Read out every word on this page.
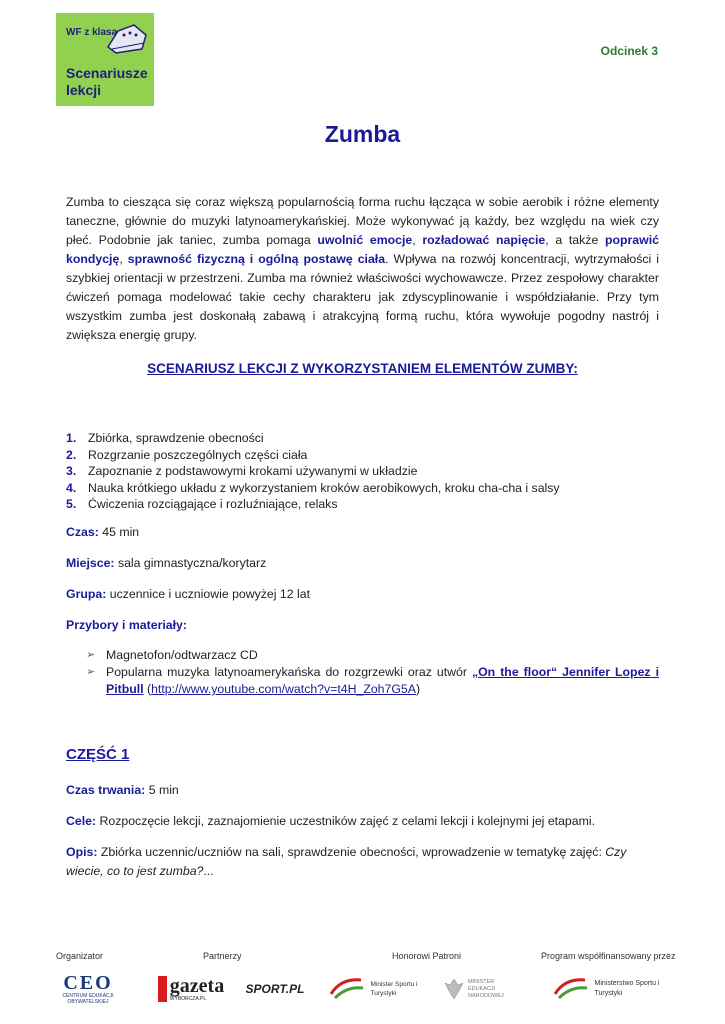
WF z klasą
Scenariusze lekcji
Odcinek 3
Zumba
Zumba to ciesząca się coraz większą popularnością forma ruchu łącząca w sobie aerobik i różne elementy taneczne, głównie do muzyki latynoamerykańskiej. Może wykonywać ją każdy, bez względu na wiek czy płeć. Podobnie jak taniec, zumba pomaga uwolnić emocje, rozładować napięcie, a także poprawić kondycję, sprawność fizyczną i ogólną postawę ciała. Wpływa na rozwój koncentracji, wytrzymałości i szybkiej orientacji w przestrzeni. Zumba ma również właściwości wychowawcze. Przez zespołowy charakter ćwiczeń pomaga modelować takie cechy charakteru jak zdyscyplinowanie i współdziałanie. Przy tym wszystkim zumba jest doskonałą zabawą i atrakcyjną formą ruchu, która wywołuje pogodny nastrój i zwiększa energię grupy.
SCENARIUSZ LEKCJI Z WYKORZYSTANIEM ELEMENTÓW ZUMBY:
1. Zbiórka, sprawdzenie obecności
2. Rozgrzanie poszczególnych części ciała
3. Zapoznanie z podstawowymi krokami używanymi w układzie
4. Nauka krótkiego układu z wykorzystaniem kroków aerobikowych, kroku cha-cha i salsy
5. Ćwiczenia rozciągające i rozluźniające, relaks
Czas: 45 min
Miejsce: sala gimnastyczna/korytarz
Grupa: uczennice i uczniowie powyżej 12 lat
Przybory i materiały:
➢ Magnetofon/odtwarzacz CD
➢ Popularna muzyka latynoamerykańska do rozgrzewki oraz utwór „On the floor“ Jennifer Lopez i Pitbull (http://www.youtube.com/watch?v=t4H_Zoh7G5A)
CZĘŚĆ 1
Czas trwania: 5 min
Cele: Rozpoczęcie lekcji, zaznajomienie uczestników zajęć z celami lekcji i kolejnymi jej etapami.
Opis: Zbiórka uczennic/uczniów na sali, sprawdzenie obecności, wprowadzenie w tematykę zajęć: Czy wiecie, co to jest zumba?...
Organizator	Partnerzy	Honorowi Patroni	Program współfinansowany przez
CEO
CENTRUM EDUKACJI OBYWATELSKIEJ
gazeta
WYBORCZA.PL
SPORT.PL	Minister Sportu i Turystyki
MINISTER EDUKACJI NARODOWEJ
Ministerstwo Sportu i Turystyki
